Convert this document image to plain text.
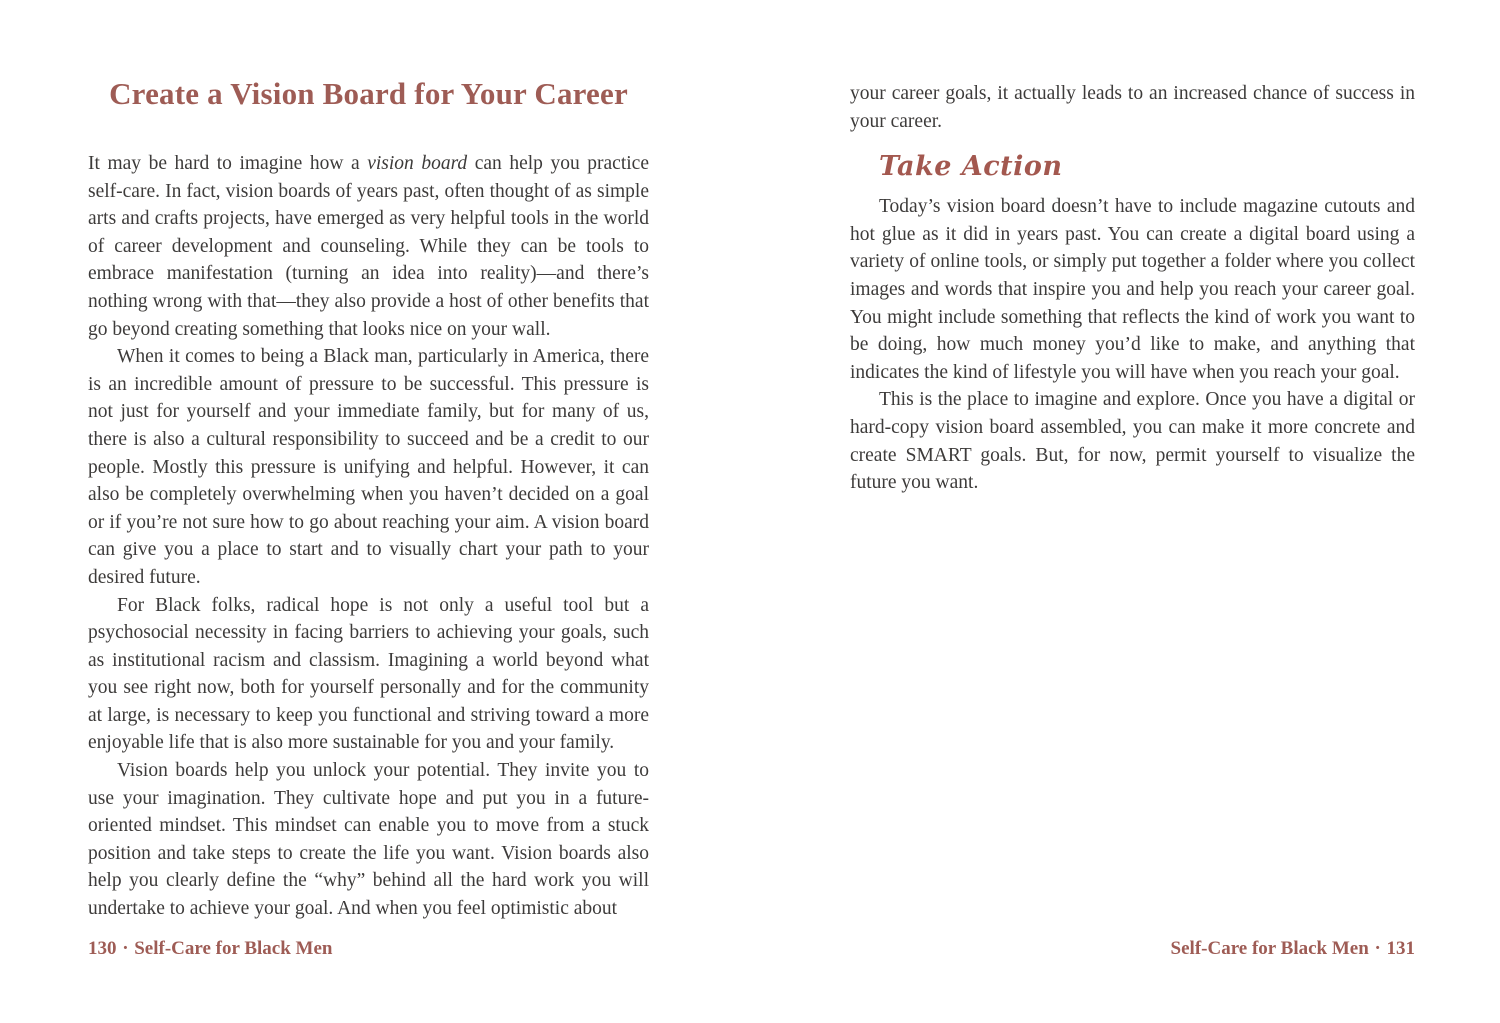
Create a Vision Board for Your Career

It may be hard to imagine how a vision board can help you practice self-care. In fact, vision boards of years past, often thought of as simple arts and crafts projects, have emerged as very helpful tools in the world of career development and counseling. While they can be tools to embrace manifestation (turning an idea into reality)—and there’s nothing wrong with that—they also provide a host of other benefits that go beyond creating something that looks nice on your wall.

When it comes to being a Black man, particularly in America, there is an incredible amount of pressure to be successful. This pressure is not just for yourself and your immediate family, but for many of us, there is also a cultural responsibility to succeed and be a credit to our people. Mostly this pressure is unifying and helpful. However, it can also be completely overwhelming when you haven’t decided on a goal or if you’re not sure how to go about reaching your aim. A vision board can give you a place to start and to visually chart your path to your desired future.

For Black folks, radical hope is not only a useful tool but a psychosocial necessity in facing barriers to achieving your goals, such as institutional racism and classism. Imagining a world beyond what you see right now, both for yourself personally and for the community at large, is necessary to keep you functional and striving toward a more enjoyable life that is also more sustainable for you and your family.

Vision boards help you unlock your potential. They invite you to use your imagination. They cultivate hope and put you in a future-oriented mindset. This mindset can enable you to move from a stuck position and take steps to create the life you want. Vision boards also help you clearly define the “why” behind all the hard work you will undertake to achieve your goal. And when you feel optimistic about

130 · Self-Care for Black Men

your career goals, it actually leads to an increased chance of success in your career.

Take Action

Today’s vision board doesn’t have to include magazine cutouts and hot glue as it did in years past. You can create a digital board using a variety of online tools, or simply put together a folder where you collect images and words that inspire you and help you reach your career goal. You might include something that reflects the kind of work you want to be doing, how much money you’d like to make, and anything that indicates the kind of lifestyle you will have when you reach your goal.

This is the place to imagine and explore. Once you have a digital or hard-copy vision board assembled, you can make it more concrete and create SMART goals. But, for now, permit yourself to visualize the future you want.

Self-Care for Black Men · 131
